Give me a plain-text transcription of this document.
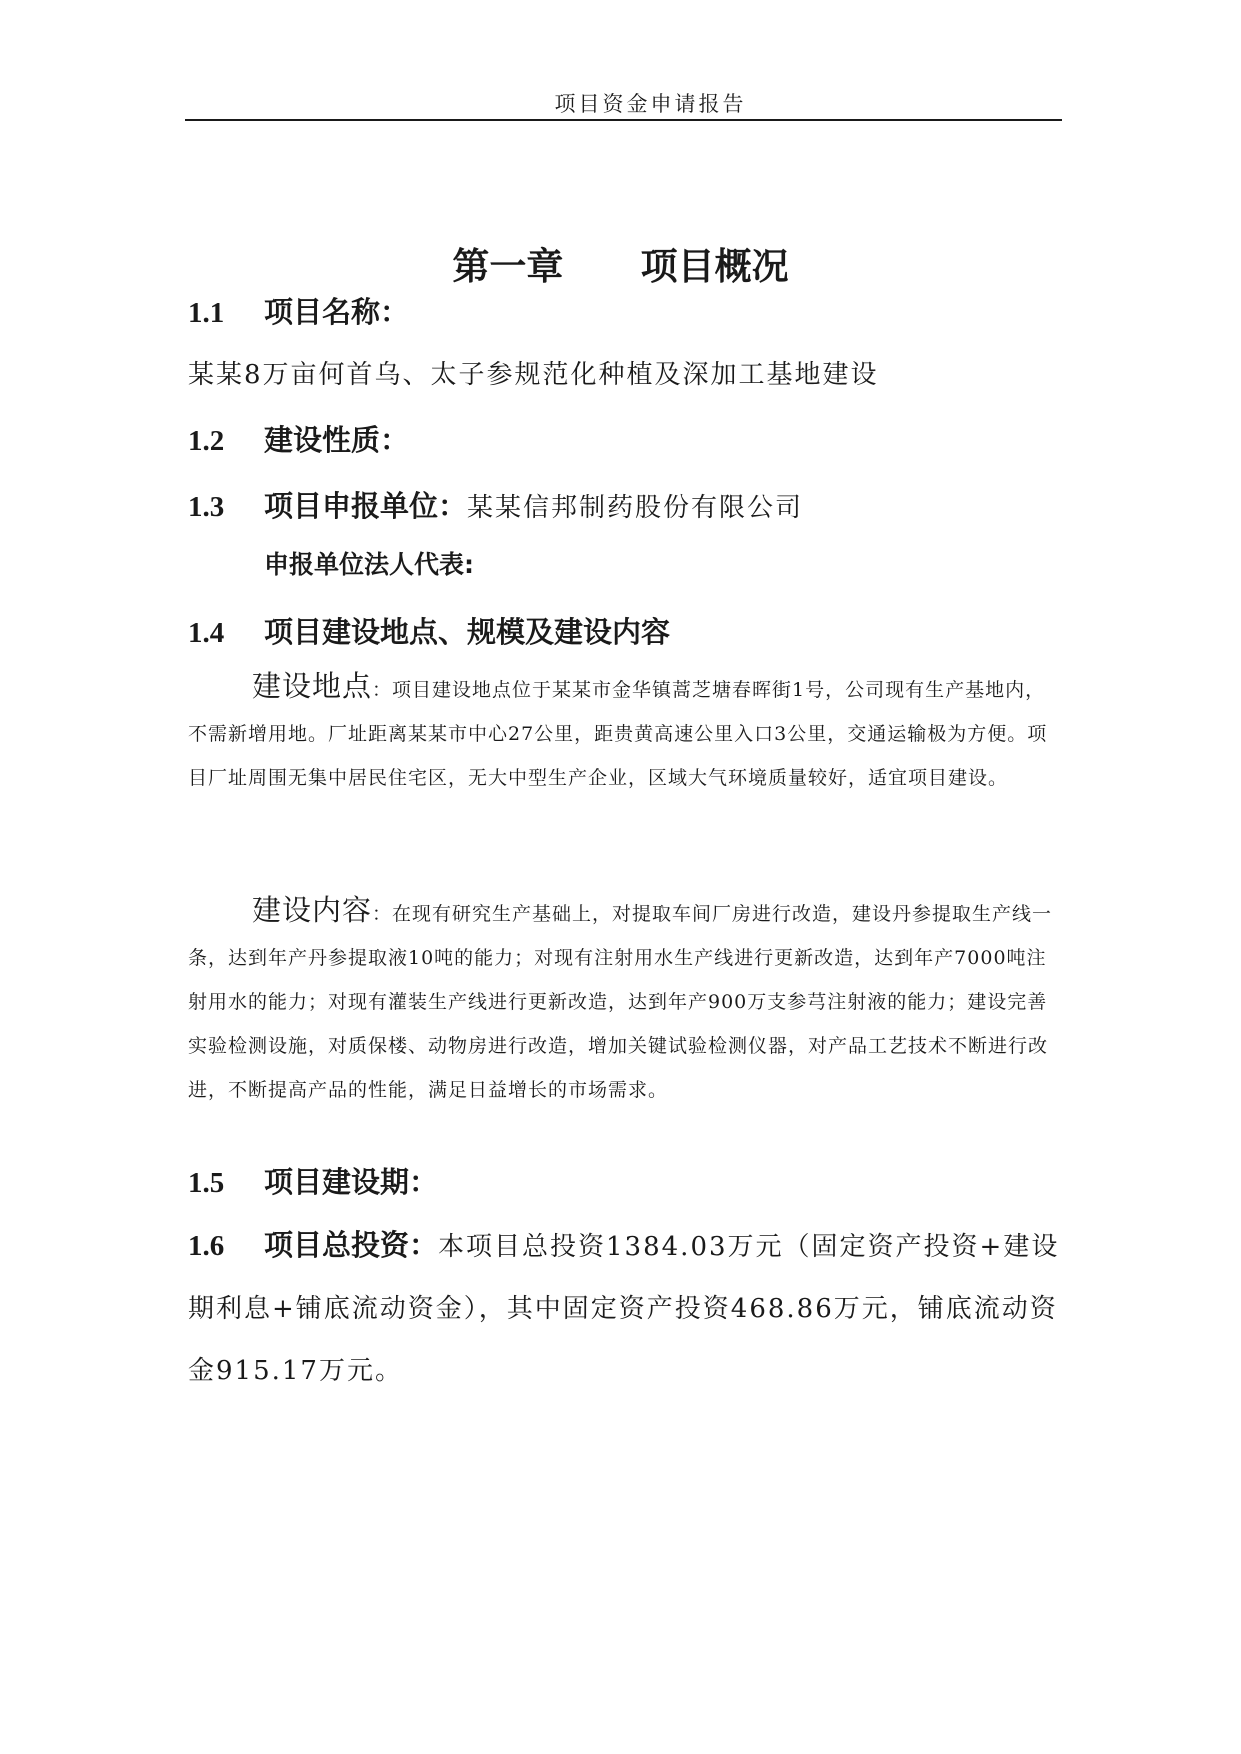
项目资金申请报告
第一章      项目概况
1.1 项目名称：
某某8万亩何首乌、太子参规范化种植及深加工基地建设
1.2 建设性质：
1.3 项目申报单位：某某信邦制药股份有限公司
申报单位法人代表:
1.4 项目建设地点、规模及建设内容
建设地点：项目建设地点位于某某市金华镇蒿芝塘春晖街1号，公司现有生产基地内，不需新增用地。厂址距离某某市中心27公里，距贵黄高速公里入口3公里，交通运输极为方便。项目厂址周围无集中居民住宅区，无大中型生产企业，区域大气环境质量较好，适宜项目建设。
建设内容：在现有研究生产基础上，对提取车间厂房进行改造，建设丹参提取生产线一条，达到年产丹参提取液10吨的能力；对现有注射用水生产线进行更新改造，达到年产7000吨注射用水的能力；对现有灌装生产线进行更新改造，达到年产900万支参芎注射液的能力；建设完善实验检测设施，对质保楼、动物房进行改造，增加关键试验检测仪器，对产品工艺技术不断进行改进，不断提高产品的性能，满足日益增长的市场需求。
1.5 项目建设期：
1.6 项目总投资：本项目总投资1384.03万元（固定资产投资+建设期利息+铺底流动资金），其中固定资产投资468.86万元，铺底流动资金915.17万元。
